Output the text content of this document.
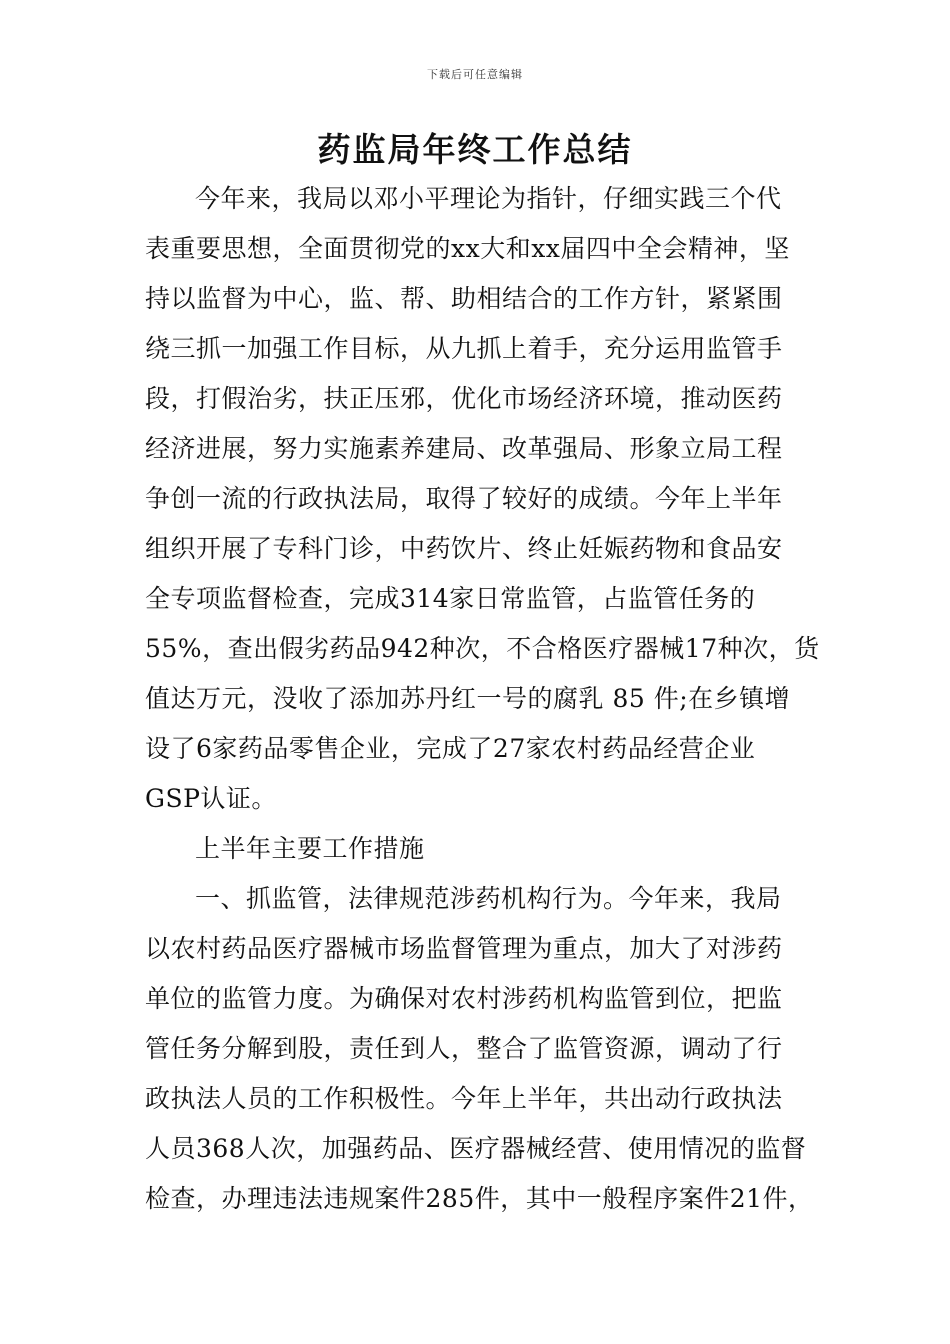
下载后可任意编辑
药监局年终工作总结
今年来，我局以邓小平理论为指针，仔细实践三个代
表重要思想，全面贯彻党的xx大和xx届四中全会精神，坚
持以监督为中心，监、帮、助相结合的工作方针，紧紧围
绕三抓一加强工作目标，从九抓上着手，充分运用监管手
段，打假治劣，扶正压邪，优化市场经济环境，推动医药
经济进展，努力实施素养建局、改革强局、形象立局工程
争创一流的行政执法局，取得了较好的成绩。今年上半年
组织开展了专科门诊，中药饮片、终止妊娠药物和食品安
全专项监督检查，完成314家日常监管，占监管任务的
55%，查出假劣药品942种次，不合格医疗器械17种次，货
值达万元，没收了添加苏丹红一号的腐乳 85 件;在乡镇增
设了6家药品零售企业，完成了27家农村药品经营企业
GSP认证。
上半年主要工作措施
一、抓监管，法律规范涉药机构行为。今年来，我局
以农村药品医疗器械市场监督管理为重点，加大了对涉药
单位的监管力度。为确保对农村涉药机构监管到位，把监
管任务分解到股，责任到人，整合了监管资源，调动了行
政执法人员的工作积极性。今年上半年，共出动行政执法
人员368人次，加强药品、医疗器械经营、使用情况的监督
检查，办理违法违规案件285件，其中一般程序案件21件，
